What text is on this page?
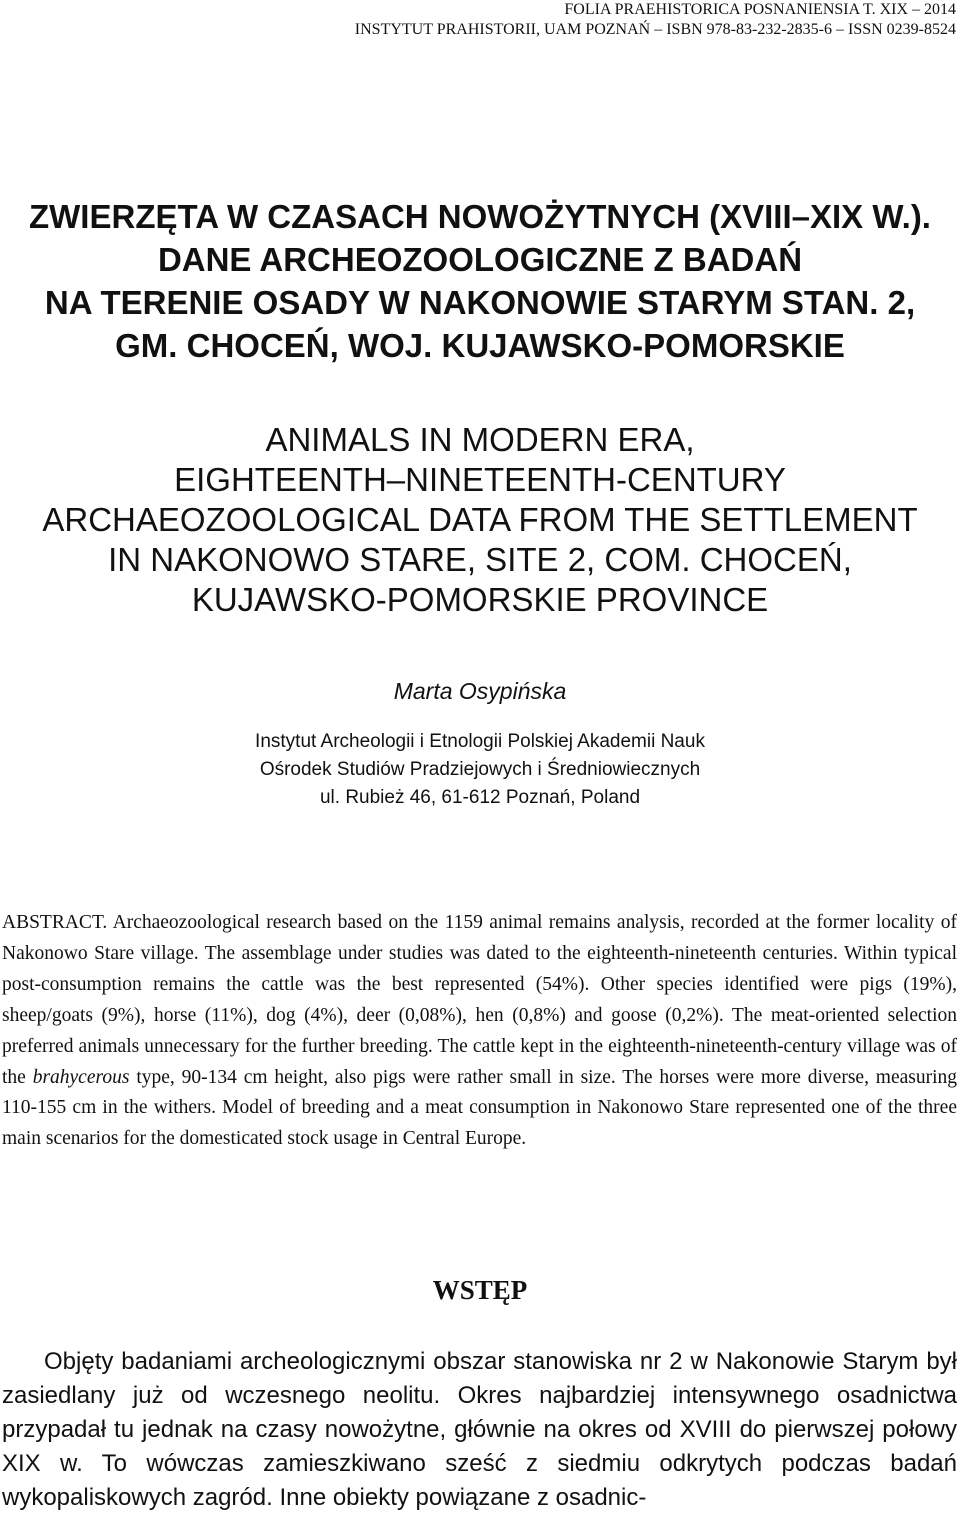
FOLIA PRAEHISTORICA POSNANIENSIA T. XIX – 2014

INSTYTUT PRAHISTORII, UAM POZNAŃ – ISBN 978-83-232-2835-6 – ISSN 0239-8524

ZWIERZĘTA W CZASACH NOWOŻYTNYCH (XVIII–XIX W.).

DANE ARCHEOZOOLOGICZNE Z BADAŃ

NA TERENIE OSADY W NAKONOWIE STARYM STAN. 2,

GM. CHOCEŃ, WOJ. KUJAWSKO-POMORSKIE

ANIMALS IN MODERN ERA,

EIGHTEENTH–NINETEENTH-CENTURY

ARCHAEOZOOLOGICAL DATA FROM THE SETTLEMENT

IN NAKONOWO STARE, SITE 2, COM. CHOCEŃ,

KUJAWSKO-POMORSKIE PROVINCE

Marta Osypińska

Instytut Archeologii i Etnologii Polskiej Akademii Nauk

Ośrodek Studiów Pradziejowych i Średniowiecznych

ul. Rubież 46, 61-612 Poznań, Poland

ABSTRACT. Archaeozoological research based on the 1159 animal remains analysis, recorded at the former locality of Nakonowo Stare village. The assemblage under studies was dated to the eighteenth-nineteenth centuries. Within typical post-consumption remains the cattle was the best represented (54%). Other species identified were pigs (19%), sheep/goats (9%), horse (11%), dog (4%), deer (0,08%), hen (0,8%) and goose (0,2%). The meat-oriented selection preferred animals unnecessary for the further breeding. The cattle kept in the eighteenth-nineteenth-century village was of the brahycerous type, 90-134 cm height, also pigs were rather small in size. The horses were more diverse, measuring 110-155 cm in the withers. Model of breeding and a meat consumption in Nakonowo Stare represented one of the three main scenarios for the domesticated stock usage in Central Europe.

WSTĘP

Objęty badaniami archeologicznymi obszar stanowiska nr 2 w Nakonowie Starym był zasiedlany już od wczesnego neolitu. Okres najbardziej intensywnego osadnictwa przypadał tu jednak na czasy nowożytne, głównie na okres od XVIII do pierwszej połowy XIX w. To wówczas zamieszkiwano sześć z siedmiu odkrytych podczas badań wykopaliskowych zagród. Inne obiekty powiązane z osadnic-
